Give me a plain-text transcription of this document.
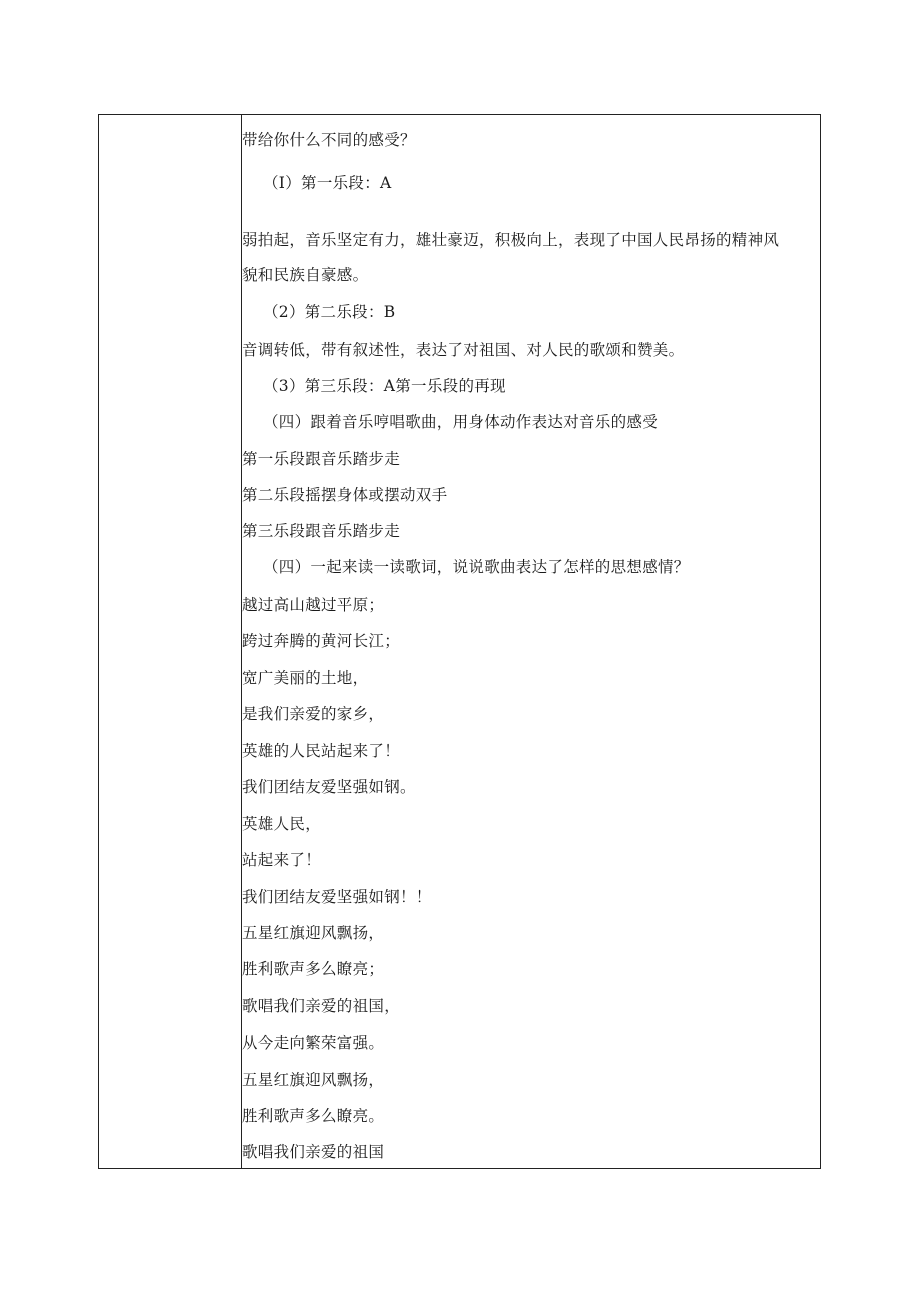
带给你什么不同的感受？
（I）第一乐段：A
弱拍起，音乐坚定有力，雄壮豪迈，积极向上，表现了中国人民昂扬的精神风
貌和民族自豪感。
（2）第二乐段：B
音调转低，带有叙述性，表达了对祖国、对人民的歌颂和赞美。
（3）第三乐段：A第一乐段的再现
（四）跟着音乐哼唱歌曲，用身体动作表达对音乐的感受
第一乐段跟音乐踏步走
第二乐段摇摆身体或摆动双手
第三乐段跟音乐踏步走
（四）一起来读一读歌词，说说歌曲表达了怎样的思想感情？
越过高山越过平原；
跨过奔腾的黄河长江；
宽广美丽的土地，
是我们亲爱的家乡，
英雄的人民站起来了！
我们团结友爱坚强如钢。
英雄人民，
站起来了！
我们团结友爱坚强如钢！！
五星红旗迎风飘扬，
胜利歌声多么瞭亮；
歌唱我们亲爱的祖国，
从今走向繁荣富强。
五星红旗迎风飘扬，
胜利歌声多么瞭亮。
歌唱我们亲爱的祖国
